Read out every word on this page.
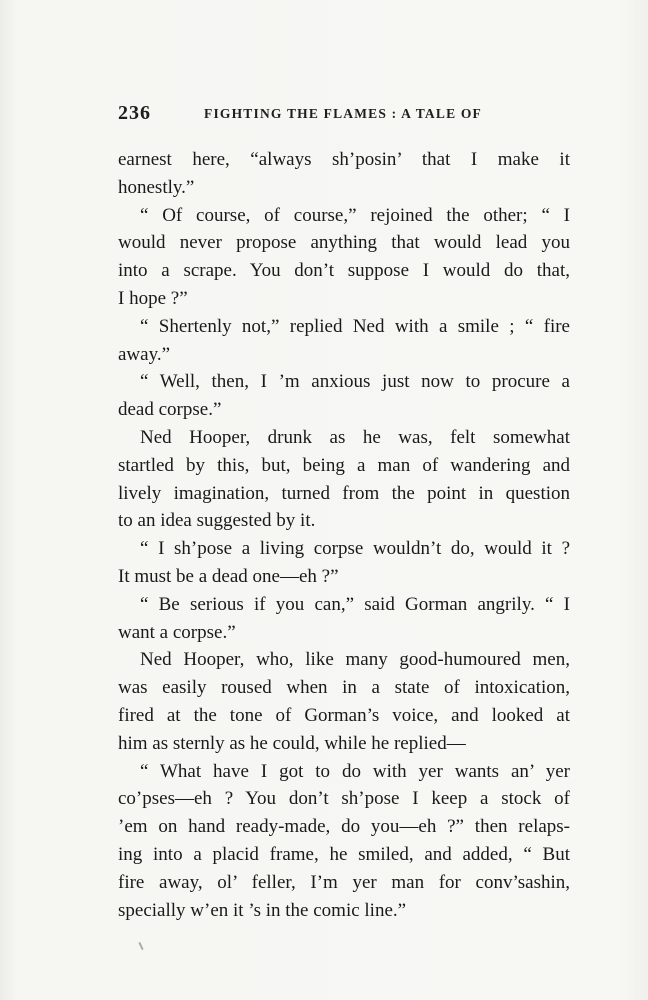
236	FIGHTING THE FLAMES : A TALE OF
earnest here, “always sh’posin’ that I make it
honestly.”
“ Of course, of course,” rejoined the other; “ I
would never propose anything that would lead you
into a scrape. You don’t suppose I would do that,
I hope ?”
“ Shertenly not,” replied Ned with a smile ; “ fire
away.”
“ Well, then, I ’m anxious just now to procure a
dead corpse.”
Ned Hooper, drunk as he was, felt somewhat
startled by this, but, being a man of wandering and
lively imagination, turned from the point in question
to an idea suggested by it.
“ I sh’pose a living corpse wouldn’t do, would it ?
It must be a dead one—eh ?”
“ Be serious if you can,” said Gorman angrily. “ I
want a corpse.”
Ned Hooper, who, like many good-humoured men,
was easily roused when in a state of intoxication,
fired at the tone of Gorman’s voice, and looked at
him as sternly as he could, while he replied—
“ What have I got to do with yer wants an’ yer
co’pses—eh ? You don’t sh’pose I keep a stock of
’em on hand ready-made, do you—eh ?” then relaps-
ing into a placid frame, he smiled, and added, “ But
fire away, ol’ feller, I’m yer man for conv’sashin,
specially w’en it ’s in the comic line.”
